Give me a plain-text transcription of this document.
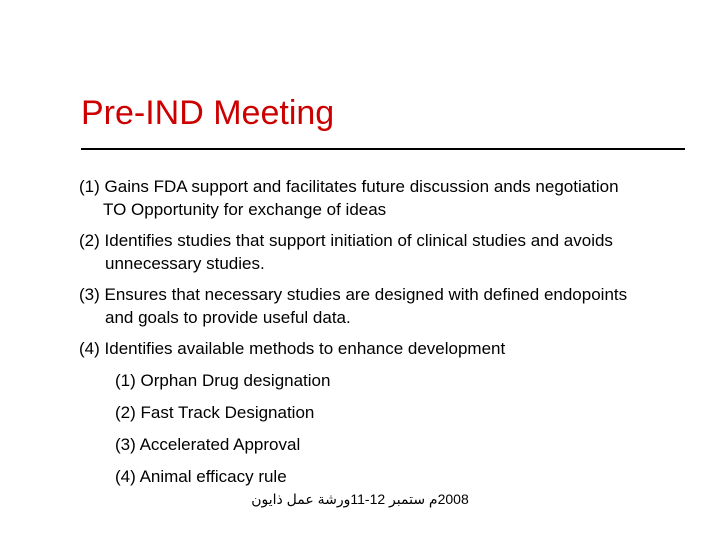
Pre-IND Meeting
(1) Gains FDA support and facilitates future discussion ands negotiation
TO Opportunity for exchange of ideas
(2) Identifies studies that support initiation of clinical studies and avoids
unnecessary studies.
(3) Ensures that necessary studies are designed with defined endopoints
and goals to provide useful data.
(4) Identifies available methods to enhance development
(1) Orphan Drug designation
(2) Fast Track Designation
(3) Accelerated Approval
(4) Animal efficacy rule
2008م ستمبر 12-11ورشة عمل ذايون
